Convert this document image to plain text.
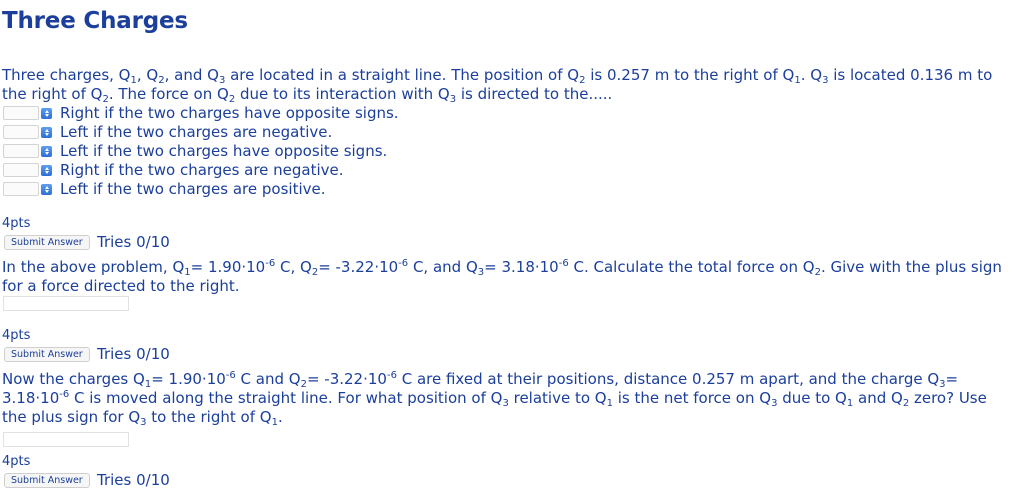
Three Charges

Three charges, $Q_1$, $Q_2$, and $Q_3$ are located in a straight line. The position of $Q_2$ is 0.257 m to the right of $Q_1$. $Q_3$ is located 0.136 m to the right of $Q_2$. The force on $Q_2$ due to its interaction with $Q_3$ is directed to the.....

Right if the two charges have opposite signs.
Left if the two charges are negative.
Left if the two charges have opposite signs.
Right if the two charges are negative.
Left if the two charges are positive.
4pts
Submit Answer Tries 0/10

In the above problem, $Q_1= 1.90\cdot 10^{-6}$ C, $Q_2= -3.22\cdot 10^{-6}$ C, and $Q_3= 3.18\cdot 10^{-6}$ C. Calculate the total force on $Q_2$. Give with the plus sign for a force directed to the right.

4pts
Submit Answer Tries 0/10

Now the charges $Q_1= 1.90\cdot 10^{-6}$ C and $Q_2= -3.22\cdot 10^{-6}$ C are fixed at their positions, distance 0.257 m apart, and the charge $Q_3= 3.18\cdot 10^{-6}$ C is moved along the straight line. For what position of $Q_3$ relative to $Q_1$ is the net force on $Q_3$ due to $Q_1$ and $Q_2$ zero? Use the plus sign for $Q_3$ to the right of $Q_1$.

4pts
Submit Answer Tries 0/10
